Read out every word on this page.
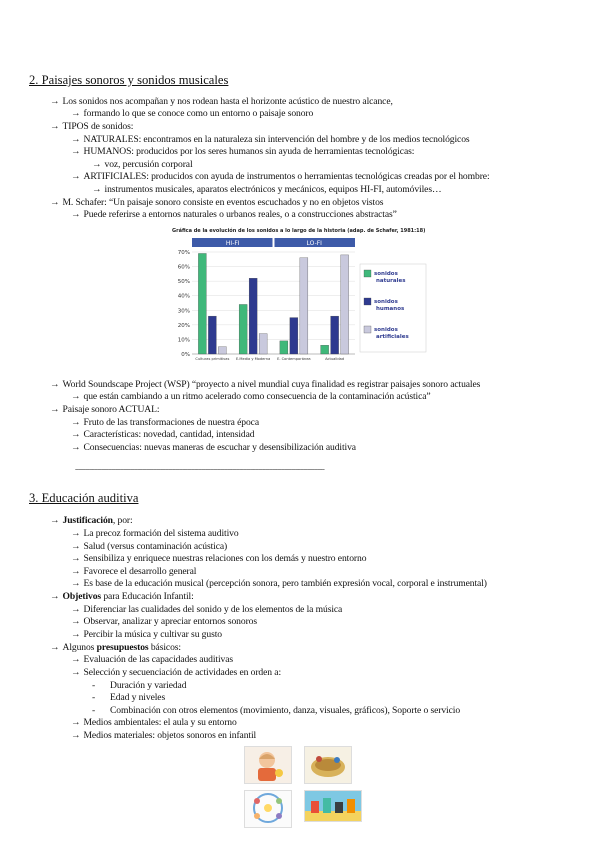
2. Paisajes sonoros y sonidos musicales
→ Los sonidos nos acompañan y nos rodean hasta el horizonte acústico de nuestro alcance,
→ formando lo que se conoce como un entorno o paisaje sonoro
→ TIPOS de sonidos:
→ NATURALES: encontramos en la naturaleza sin intervención del hombre y de los medios tecnológicos
→ HUMANOS: producidos por los seres humanos sin ayuda de herramientas tecnológicas:
→ voz, percusión corporal
→ ARTIFICIALES: producidos con ayuda de instrumentos o herramientas tecnológicas creadas por el hombre:
→ instrumentos musicales, aparatos electrónicos y mecánicos, equipos HI-FI, automóviles…
→ M. Schafer: “Un paisaje sonoro consiste en eventos escuchados y no en objetos vistos
→ Puede referirse a entornos naturales o urbanos reales, o a construcciones abstractas”
Gráfica de la evolución de los sonidos a lo largo de la historia (adap. de Schafer, 1981:18)
HI-FI	LO-FI
0%
10%
20%
30%
40%
50%
60%
70%
Culturas primitivas E.Media y Moderna E. Contemporánea	Actualidad
sonidos
naturales
sonidos
humanos
sonidos
artificiales
→ World Soundscape Project (WSP) “proyecto a nivel mundial cuya finalidad es registrar paisajes sonoro actuales
→ que están cambiando a un ritmo acelerado como consecuencia de la contaminación acústica”
→ Paisaje sonoro ACTUAL:
→ Fruto de las transformaciones de nuestra época
→ Características: novedad, cantidad, intensidad
→ Consecuencias: nuevas maneras de escuchar y desensibilización auditiva
------------------------------------------------------------------------------------------------------------------------------------------------
3. Educación auditiva
→ Justificación, por:
→ La precoz formación del sistema auditivo
→ Salud (versus contaminación acústica)
→ Sensibiliza y enriquece nuestras relaciones con los demás y nuestro entorno
→ Favorece el desarrollo general
→ Es base de la educación musical (percepción sonora, pero también expresión vocal, corporal e instrumental)
→ Objetivos para Educación Infantil:
→ Diferenciar las cualidades del sonido y de los elementos de la música
→ Observar, analizar y apreciar entornos sonoros
→ Percibir la música y cultivar su gusto
→ Algunos presupuestos básicos:
→ Evaluación de las capacidades auditivas
→ Selección y secuenciación de actividades en orden a:
- Duración y variedad
- Edad y niveles
- Combinación con otros elementos (movimiento, danza, visuales, gráficos), Soporte o servicio
→ Medios ambientales: el aula y su entorno
→ Medios materiales: objetos sonoros en infantil
